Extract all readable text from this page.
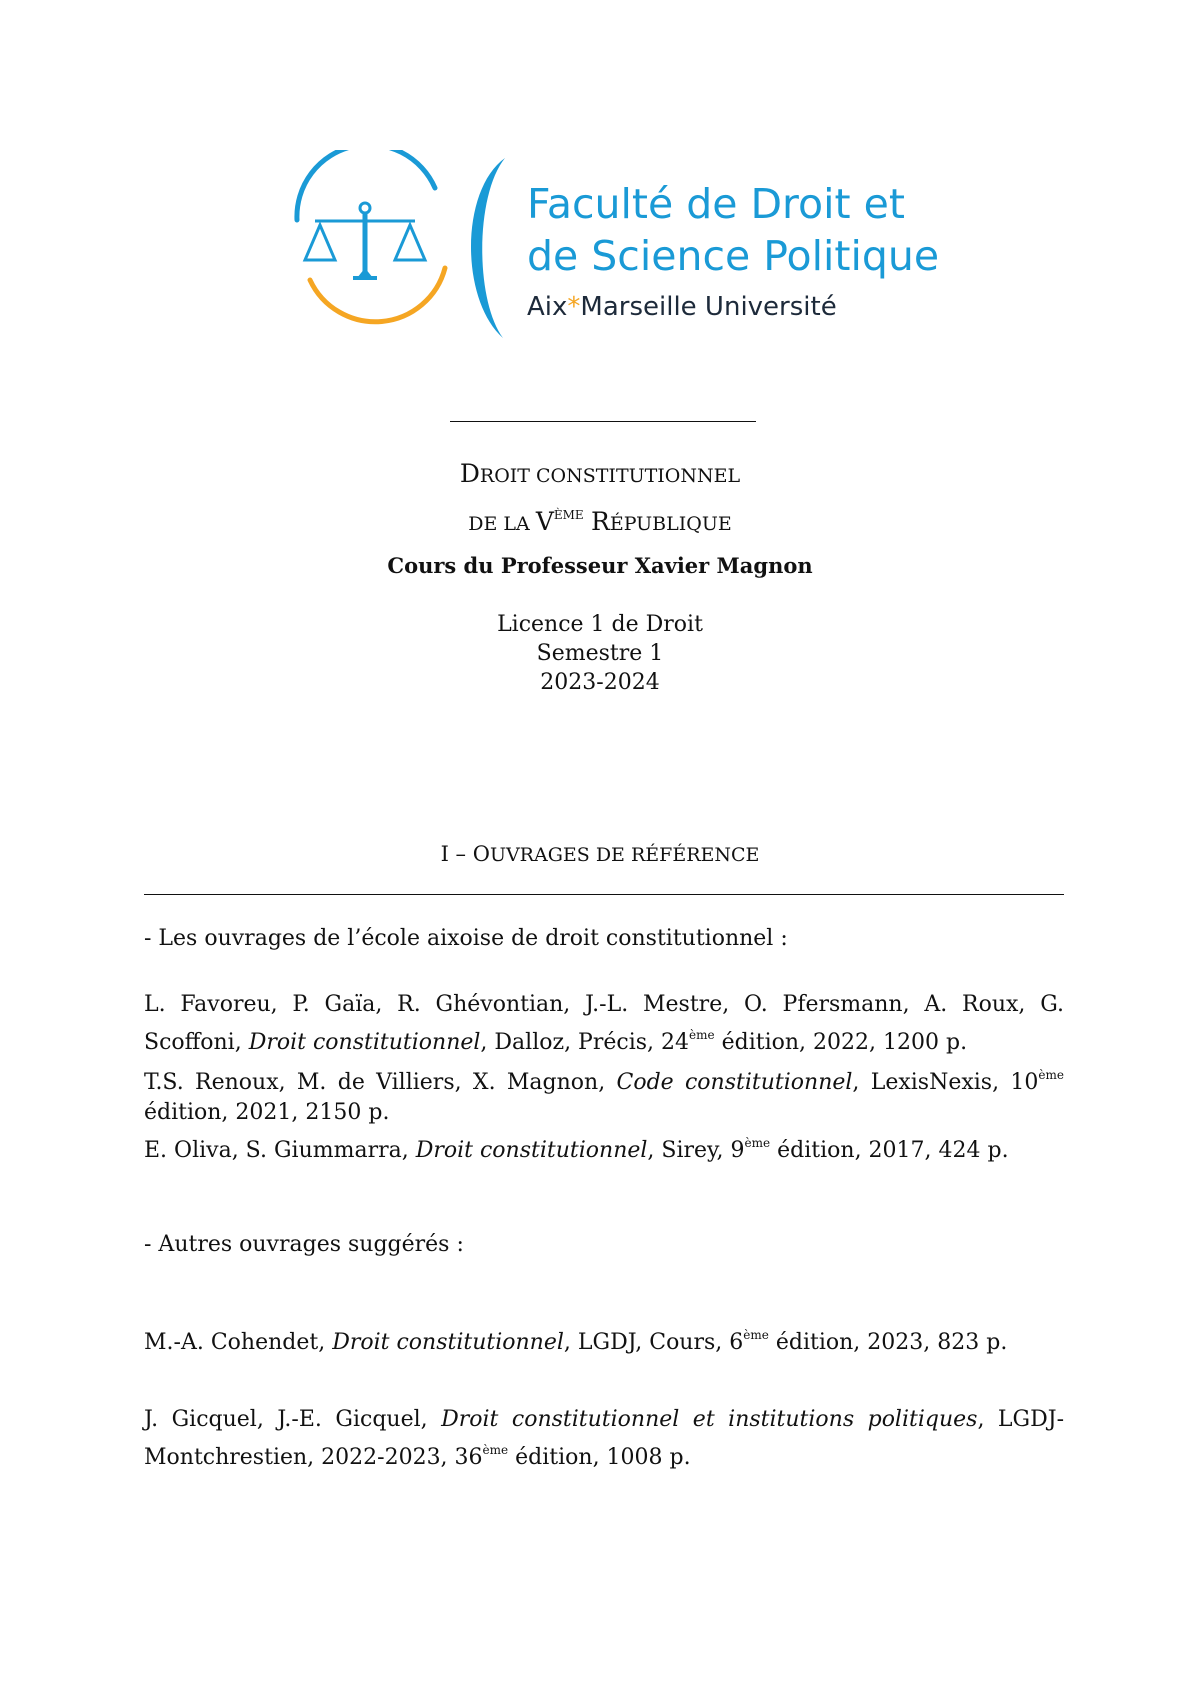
Faculté de Droit et
de Science Politique
Aix*Marseille Université
DROIT CONSTITUTIONNEL
DE LA VÈME RÉPUBLIQUE
Cours du Professeur Xavier Magnon
Licence 1 de Droit
Semestre 1
2023-2024
I – OUVRAGES DE RÉFÉRENCE
- Les ouvrages de l’école aixoise de droit constitutionnel :
L. Favoreu, P. Gaïa, R. Ghévontian, J.-L. Mestre, O. Pfersmann, A. Roux, G. Scoffoni, Droit constitutionnel, Dalloz, Précis, 24ème édition, 2022, 1200 p.
T.S. Renoux, M. de Villiers, X. Magnon, Code constitutionnel, LexisNexis, 10ème édition, 2021, 2150 p.
E. Oliva, S. Giummarra, Droit constitutionnel, Sirey, 9ème édition, 2017, 424 p.
- Autres ouvrages suggérés :
M.-A. Cohendet, Droit constitutionnel, LGDJ, Cours, 6ème édition, 2023, 823 p.
J. Gicquel, J.-E. Gicquel, Droit constitutionnel et institutions politiques, LGDJ- Montchrestien, 2022-2023, 36ème édition, 1008 p.
